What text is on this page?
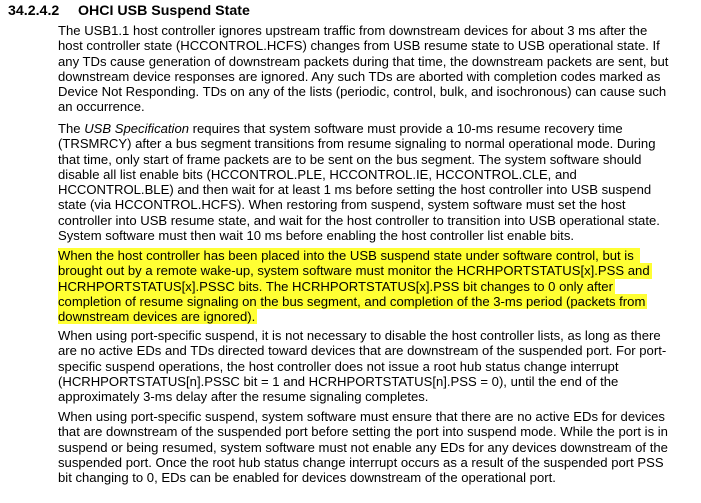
34.2.4.2 OHCI USB Suspend State

The USB1.1 host controller ignores upstream traffic from downstream devices for about 3 ms after the
host controller state (HCCONTROL.HCFS) changes from USB resume state to USB operational state. If
any TDs cause generation of downstream packets during that time, the downstream packets are sent, but
downstream device responses are ignored. Any such TDs are aborted with completion codes marked as
Device Not Responding. TDs on any of the lists (periodic, control, bulk, and isochronous) can cause such
an occurrence.

The USB Specification requires that system software must provide a 10-ms resume recovery time
(TRSMRCY) after a bus segment transitions from resume signaling to normal operational mode. During
that time, only start of frame packets are to be sent on the bus segment. The system software should
disable all list enable bits (HCCONTROL.PLE, HCCONTROL.IE, HCCONTROL.CLE, and
HCCONTROL.BLE) and then wait for at least 1 ms before setting the host controller into USB suspend
state (via HCCONTROL.HCFS). When restoring from suspend, system software must set the host
controller into USB resume state, and wait for the host controller to transition into USB operational state.
System software must then wait 10 ms before enabling the host controller list enable bits.

When the host controller has been placed into the USB suspend state under software control, but is
brought out by a remote wake-up, system software must monitor the HCRHPORTSTATUS[x].PSS and
HCRHPORTSTATUS[x].PSSC bits. The HCRHPORTSTATUS[x].PSS bit changes to 0 only after
completion of resume signaling on the bus segment, and completion of the 3-ms period (packets from
downstream devices are ignored).

When using port-specific suspend, it is not necessary to disable the host controller lists, as long as there
are no active EDs and TDs directed toward devices that are downstream of the suspended port. For port-
specific suspend operations, the host controller does not issue a root hub status change interrupt
(HCRHPORTSTATUS[n].PSSC bit = 1 and HCRHPORTSTATUS[n].PSS = 0), until the end of the
approximately 3-ms delay after the resume signaling completes.

When using port-specific suspend, system software must ensure that there are no active EDs for devices
that are downstream of the suspended port before setting the port into suspend mode. While the port is in
suspend or being resumed, system software must not enable any EDs for any devices downstream of the
suspended port. Once the root hub status change interrupt occurs as a result of the suspended port PSS
bit changing to 0, EDs can be enabled for devices downstream of the operational port.
